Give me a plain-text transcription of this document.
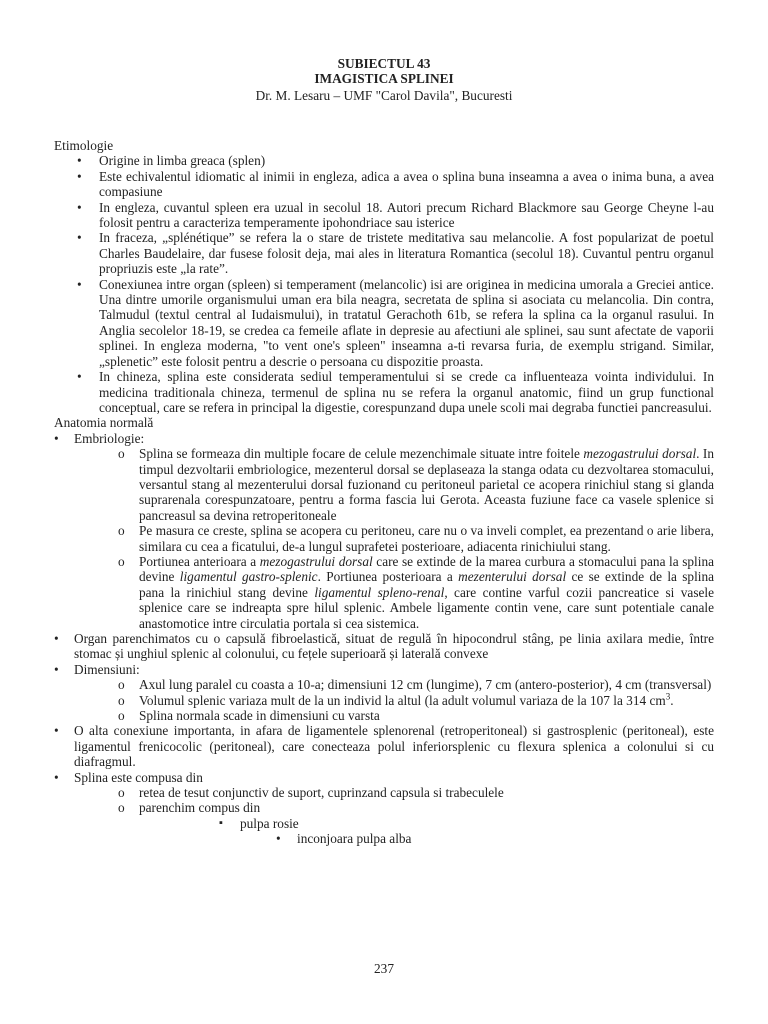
SUBIECTUL 43
IMAGISTICA SPLINEI
Dr. M. Lesaru – UMF "Carol Davila", Bucuresti
Etimologie
• Origine in limba greaca (splen)
• Este echivalentul idiomatic al inimii in engleza, adica a avea o splina buna inseamna a avea o inima buna, a avea compasiune
• In engleza, cuvantul spleen era uzual in secolul 18. Autori precum Richard Blackmore sau George Cheyne l-au folosit pentru a caracteriza temperamente ipohondriace sau isterice
• In fraceza, „splénétique” se refera la o stare de tristete meditativa sau melancolie. A fost popularizat de poetul Charles Baudelaire, dar fusese folosit deja, mai ales in literatura Romantica (secolul 18). Cuvantul pentru organul propriuzis este „la rate”.
• Conexiunea intre organ (spleen) si temperament (melancolic) isi are originea in medicina umorala a Greciei antice. Una dintre umorile organismului uman era bila neagra, secretata de splina si asociata cu melancolia. Din contra, Talmudul (textul central al Iudaismului), in tratatul Gerachoth 61b, se refera la splina ca la organul rasului. In Anglia secolelor 18-19, se credea ca femeile aflate in depresie au afectiuni ale splinei, sau sunt afectate de vaporii splinei. In engleza moderna, "to vent one's spleen" inseamna a-ti revarsa furia, de exemplu strigand. Similar, „splenetic” este folosit pentru a descrie o persoana cu dispozitie proasta.
• In chineza, splina este considerata sediul temperamentului si se crede ca influenteaza vointa individului. In medicina traditionala chineza, termenul de splina nu se refera la organul anatomic, fiind un grup functional conceptual, care se refera in principal la digestie, corespunzand dupa unele scoli mai degraba functiei pancreasului.
Anatomia normală
• Embriologie:
o Splina se formeaza din multiple focare de celule mezenchimale situate intre foitele mezogastrului dorsal. In timpul dezvoltarii embriologice, mezenterul dorsal se deplaseaza la stanga odata cu dezvoltarea stomacului, versantul stang al mezenterului dorsal fuzionand cu peritoneul parietal ce acopera rinichiul stang si glanda suprarenala corespunzatoare, pentru a forma fascia lui Gerota. Aceasta fuziune face ca vasele splenice si pancreasul sa devina retroperitoneale
o Pe masura ce creste, splina se acopera cu peritoneu, care nu o va inveli complet, ea prezentand o arie libera, similara cu cea a ficatului, de-a lungul suprafetei posterioare, adiacenta rinichiului stang.
o Portiunea anterioara a mezogastrului dorsal care se extinde de la marea curbura a stomacului pana la splina devine ligamentul gastro-splenic. Portiunea posterioara a mezenterului dorsal ce se extinde de la splina pana la rinichiul stang devine ligamentul spleno-renal, care contine varful cozii pancreatice si vasele splenice care se indreapta spre hilul splenic. Ambele ligamente contin vene, care sunt potentiale canale anastomotice intre circulatia portala si cea sistemica.
• Organ parenchimatos cu o capsulă fibroelastică, situat de regulă în hipocondrul stâng, pe linia axilara medie, între stomac și unghiul splenic al colonului, cu fețele superioară și laterală convexe
• Dimensiuni:
o Axul lung paralel cu coasta a 10-a; dimensiuni 12 cm (lungime), 7 cm (antero-posterior), 4 cm (transversal)
o Volumul splenic variaza mult de la un individ la altul (la adult volumul variaza de la 107 la 314 $cm^3$.
o Splina normala scade in dimensiuni cu varsta
• O alta conexiune importanta, in afara de ligamentele splenorenal (retroperitoneal) si gastrosplenic (peritoneal), este ligamentul frenicocolic (peritoneal), care conecteaza polul inferiorsplenic cu flexura splenica a colonului si cu diafragmul.
• Splina este compusa din
o retea de tesut conjunctiv de suport, cuprinzand capsula si trabeculele
o parenchim compus din
▪ pulpa rosie
• inconjoara pulpa alba
237
